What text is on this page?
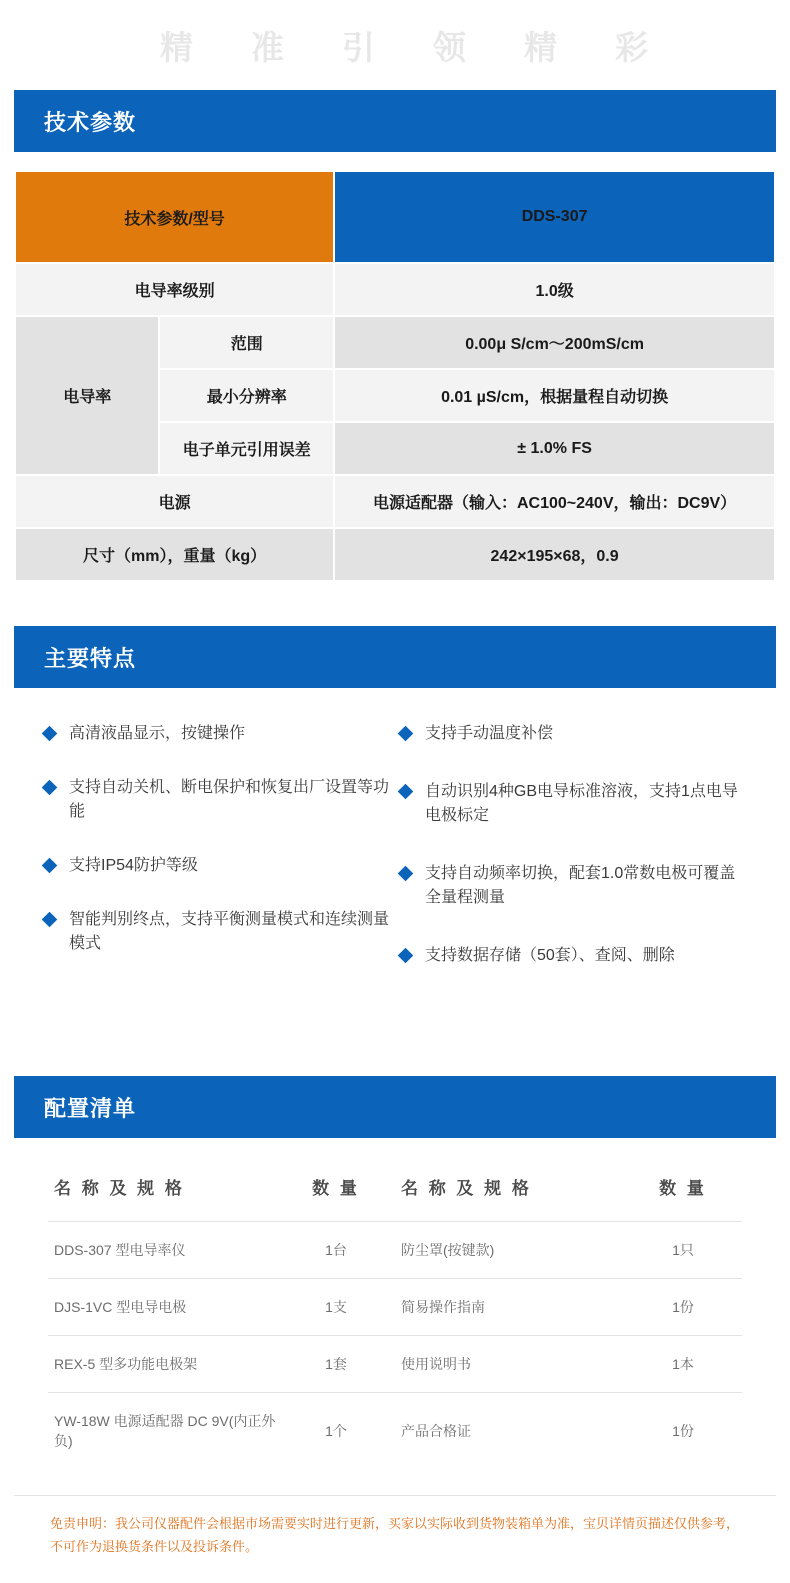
精 准 引 领 精 彩
技术参数
技术参数/型号		DDS-307
电导率级别		1.0级
电导率	范围	0.00μ S/cm～200mS/cm
	最小分辨率	0.01 µS/cm，根据量程自动切换
	电子单元引用误差	± 1.0% FS
电源		电源适配器（输入：AC100~240V，输出：DC9V）
尺寸（mm），重量（kg）		242×195×68，0.9
主要特点
高清液晶显示，按键操作
支持自动关机、断电保护和恢复出厂设置等功能
支持IP54防护等级
智能判别终点，支持平衡测量模式和连续测量模式
支持手动温度补偿
自动识别4种GB电导标准溶液，支持1点电导电极标定
支持自动频率切换，配套1.0常数电极可覆盖全量程测量
支持数据存储（50套）、查阅、删除
配置清单
名 称 及 规 格	数 量	名 称 及 规 格	数 量
DDS-307 型电导率仪	1台	防尘罩(按键款)	1只
DJS-1VC 型电导电极	1支	简易操作指南	1份
REX-5 型多功能电极架	1套	使用说明书	1本
YW-18W 电源适配器 DC 9V(内正外负)	1个	产品合格证	1份
免责申明：我公司仪器配件会根据市场需要实时进行更新，买家以实际收到货物装箱单为准，宝贝详情页描述仅供参考，不可作为退换货条件以及投诉条件。
